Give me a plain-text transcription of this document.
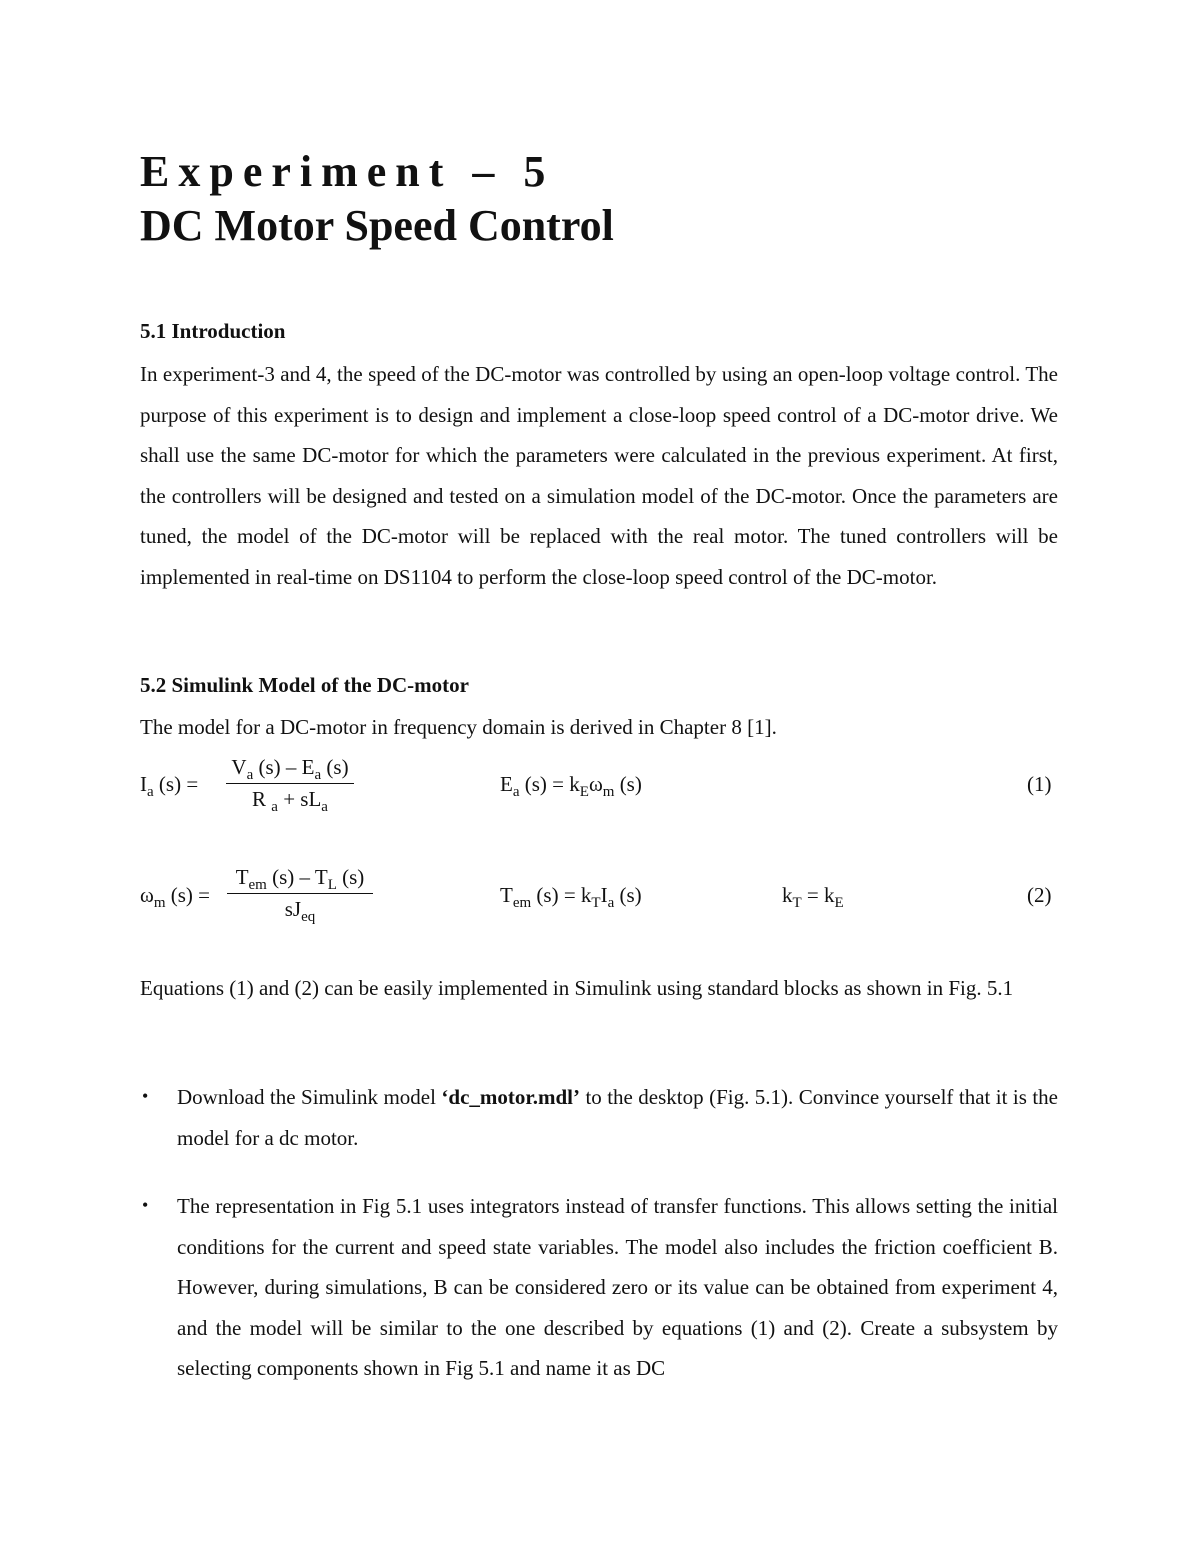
Experiment – 5
DC Motor Speed Control
5.1 Introduction

In experiment-3 and 4, the speed of the DC-motor was controlled by using an open-loop voltage control. The purpose of this experiment is to design and implement a close-loop speed control of a DC-motor drive. We shall use the same DC-motor for which the parameters were calculated in the previous experiment. At first, the controllers will be designed and tested on a simulation model of the DC-motor. Once the parameters are tuned, the model of the DC-motor will be replaced with the real motor. The tuned controllers will be implemented in real-time on DS1104 to perform the close-loop speed control of the DC-motor.

5.2 Simulink Model of the DC-motor

The model for a DC-motor in frequency domain is derived in Chapter 8 [1].

$I_a$ (s) =
$V_a$ $(s) - E_a$ (s)
R $_a + sL_a$
$E_a$ $(s) = k_E\omega_m$ (s)	(1)
$\omega_m$ (s) =
$T_{em}$ $(s) - T_L$ (s)
$sJ_{eq}$
$T_{em}$ $(s) = k_TI_a$ (s)	$k_T = k_E$	(2)

Equations (1) and (2) can be easily implemented in Simulink using standard blocks as shown in Fig. 5.1

• Download the Simulink model ‘dc_motor.mdl’ to the desktop (Fig. 5.1). Convince yourself that it is the model for a dc motor.

• The representation in Fig 5.1 uses integrators instead of transfer functions. This allows setting the initial conditions for the current and speed state variables. The model also includes the friction coefficient B. However, during simulations, B can be considered zero or its value can be obtained from experiment 4, and the model will be similar to the one described by equations (1) and (2). Create a subsystem by selecting components shown in Fig 5.1 and name it as DC
